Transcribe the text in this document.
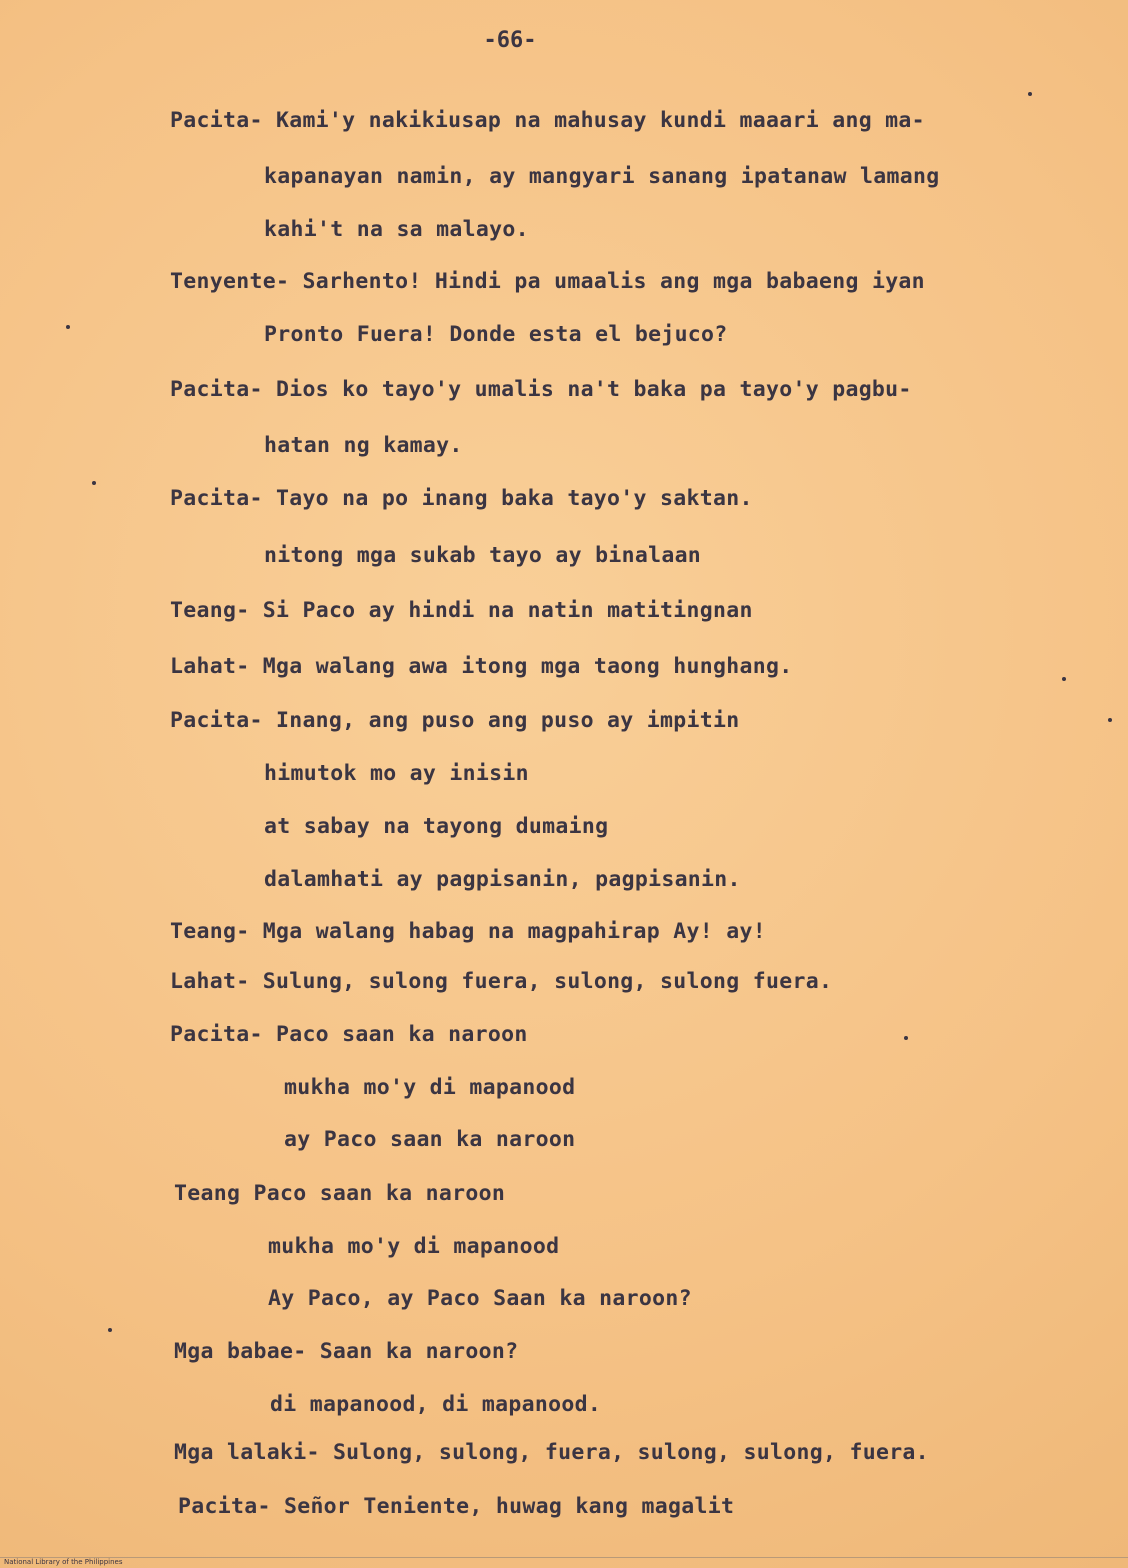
-66-
Pacita- Kami'y nakikiusap na mahusay kundi maaari ang ma-
kapanayan namin, ay mangyari sanang ipatanaw lamang
kahi't na sa malayo.
Tenyente- Sarhento! Hindi pa umaalis ang mga babaeng iyan
Pronto Fuera! Donde esta el bejuco?
Pacita- Dios ko tayo'y umalis na't baka pa tayo'y pagbu-
hatan ng kamay.
Pacita- Tayo na po inang baka tayo'y saktan.
nitong mga sukab tayo ay binalaan
Teang- Si Paco ay hindi na natin matitingnan
Lahat- Mga walang awa itong mga taong hunghang.
Pacita- Inang, ang puso ang puso ay impitin
himutok mo ay inisin
at sabay na tayong dumaing
dalamhati ay pagpisanin, pagpisanin.
Teang- Mga walang habag na magpahirap Ay! ay!
Lahat- Sulung, sulong fuera, sulong, sulong fuera.
Pacita- Paco saan ka naroon
mukha mo'y di mapanood
ay Paco saan ka naroon
Teang Paco saan ka naroon
mukha mo'y di mapanood
Ay Paco, ay Paco Saan ka naroon?
Mga babae- Saan ka naroon?
di mapanood, di mapanood.
Mga lalaki- Sulong, sulong, fuera, sulong, sulong, fuera.
Pacita- Señor Teniente, huwag kang magalit
National Library of the Philippines
